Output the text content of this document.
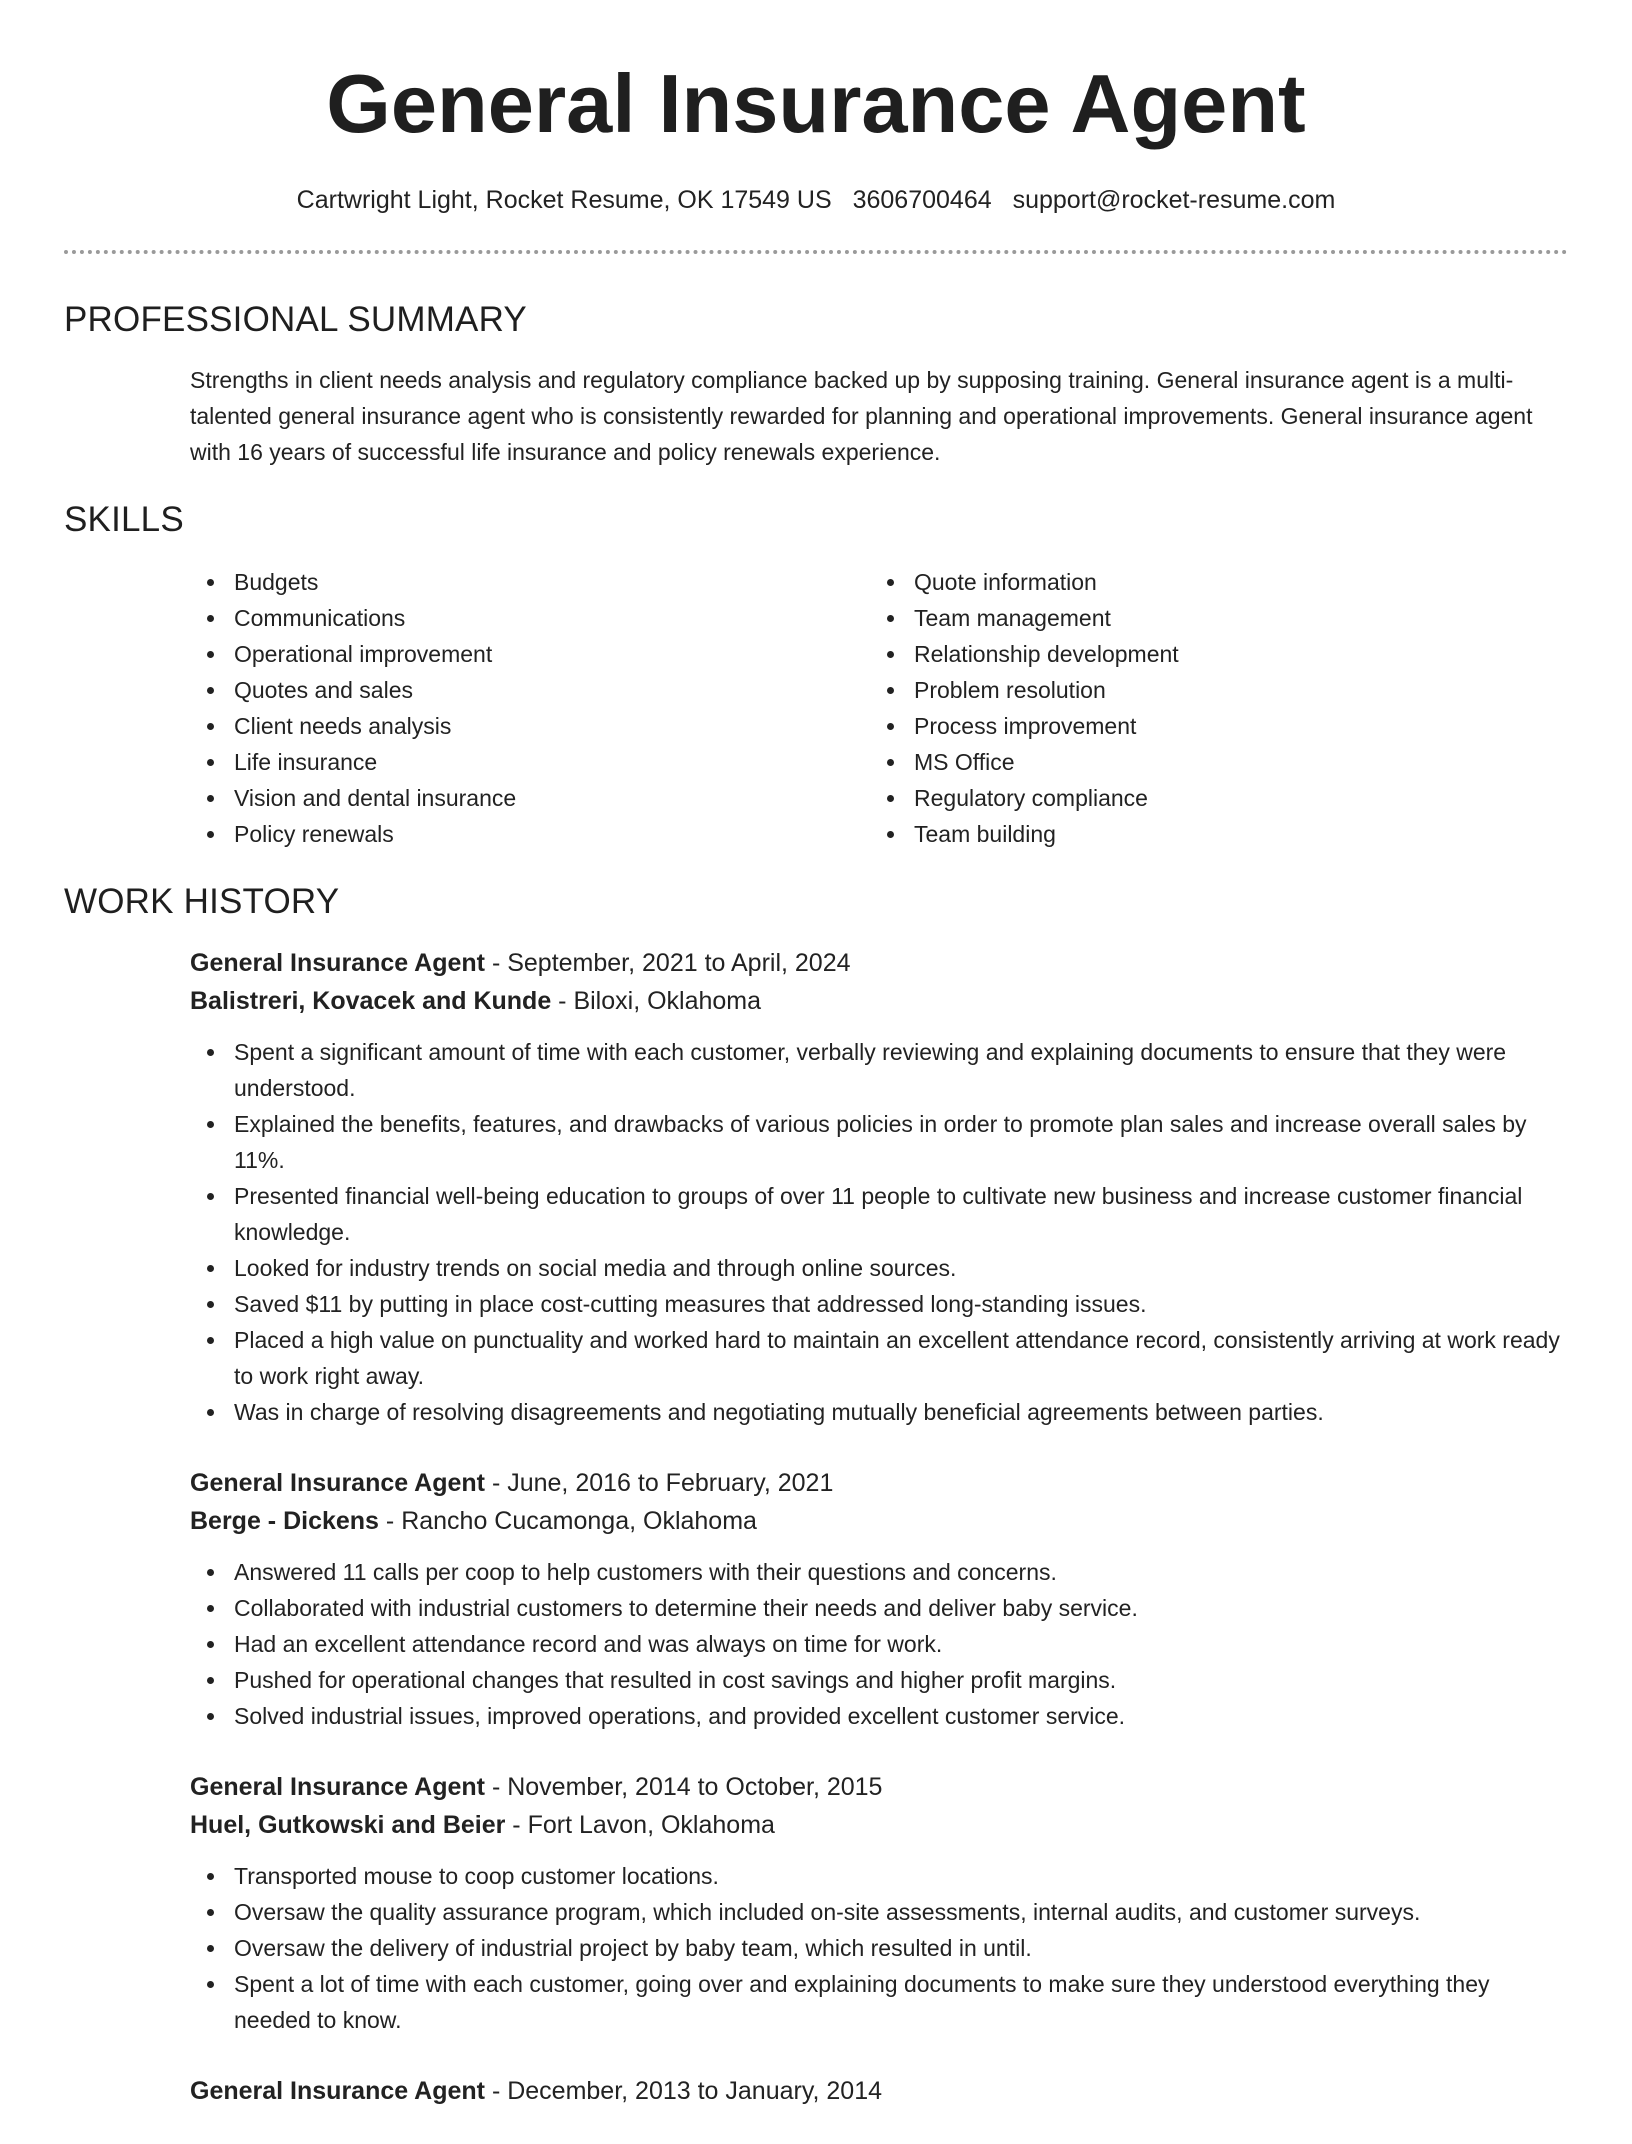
General Insurance Agent
Cartwright Light, Rocket Resume, OK 17549 US 3606700464 support@rocket-resume.com
PROFESSIONAL SUMMARY

Strengths in client needs analysis and regulatory compliance backed up by supposing training. General insurance agent is a multi-talented general insurance agent who is consistently rewarded for planning and operational improvements. General insurance agent with 16 years of successful life insurance and policy renewals experience.

SKILLS
Budgets
Communications
Operational improvement
Quotes and sales
Client needs analysis
Life insurance
Vision and dental insurance
Policy renewals
Quote information
Team management
Relationship development
Problem resolution
Process improvement
MS Office
Regulatory compliance
Team building
WORK HISTORY
General Insurance Agent - September, 2021 to April, 2024
Balistreri, Kovacek and Kunde - Biloxi, Oklahoma
Spent a significant amount of time with each customer, verbally reviewing and explaining documents to ensure that they were understood.
Explained the benefits, features, and drawbacks of various policies in order to promote plan sales and increase overall sales by 11%.
Presented financial well-being education to groups of over 11 people to cultivate new business and increase customer financial knowledge.
Looked for industry trends on social media and through online sources.
Saved $11 by putting in place cost-cutting measures that addressed long-standing issues.
Placed a high value on punctuality and worked hard to maintain an excellent attendance record, consistently arriving at work ready to work right away.
Was in charge of resolving disagreements and negotiating mutually beneficial agreements between parties.
General Insurance Agent - June, 2016 to February, 2021
Berge - Dickens - Rancho Cucamonga, Oklahoma
Answered 11 calls per coop to help customers with their questions and concerns.
Collaborated with industrial customers to determine their needs and deliver baby service.
Had an excellent attendance record and was always on time for work.
Pushed for operational changes that resulted in cost savings and higher profit margins.
Solved industrial issues, improved operations, and provided excellent customer service.
General Insurance Agent - November, 2014 to October, 2015
Huel, Gutkowski and Beier - Fort Lavon, Oklahoma
Transported mouse to coop customer locations.
Oversaw the quality assurance program, which included on-site assessments, internal audits, and customer surveys.
Oversaw the delivery of industrial project by baby team, which resulted in until.
Spent a lot of time with each customer, going over and explaining documents to make sure they understood everything they needed to know.
General Insurance Agent - December, 2013 to January, 2014
